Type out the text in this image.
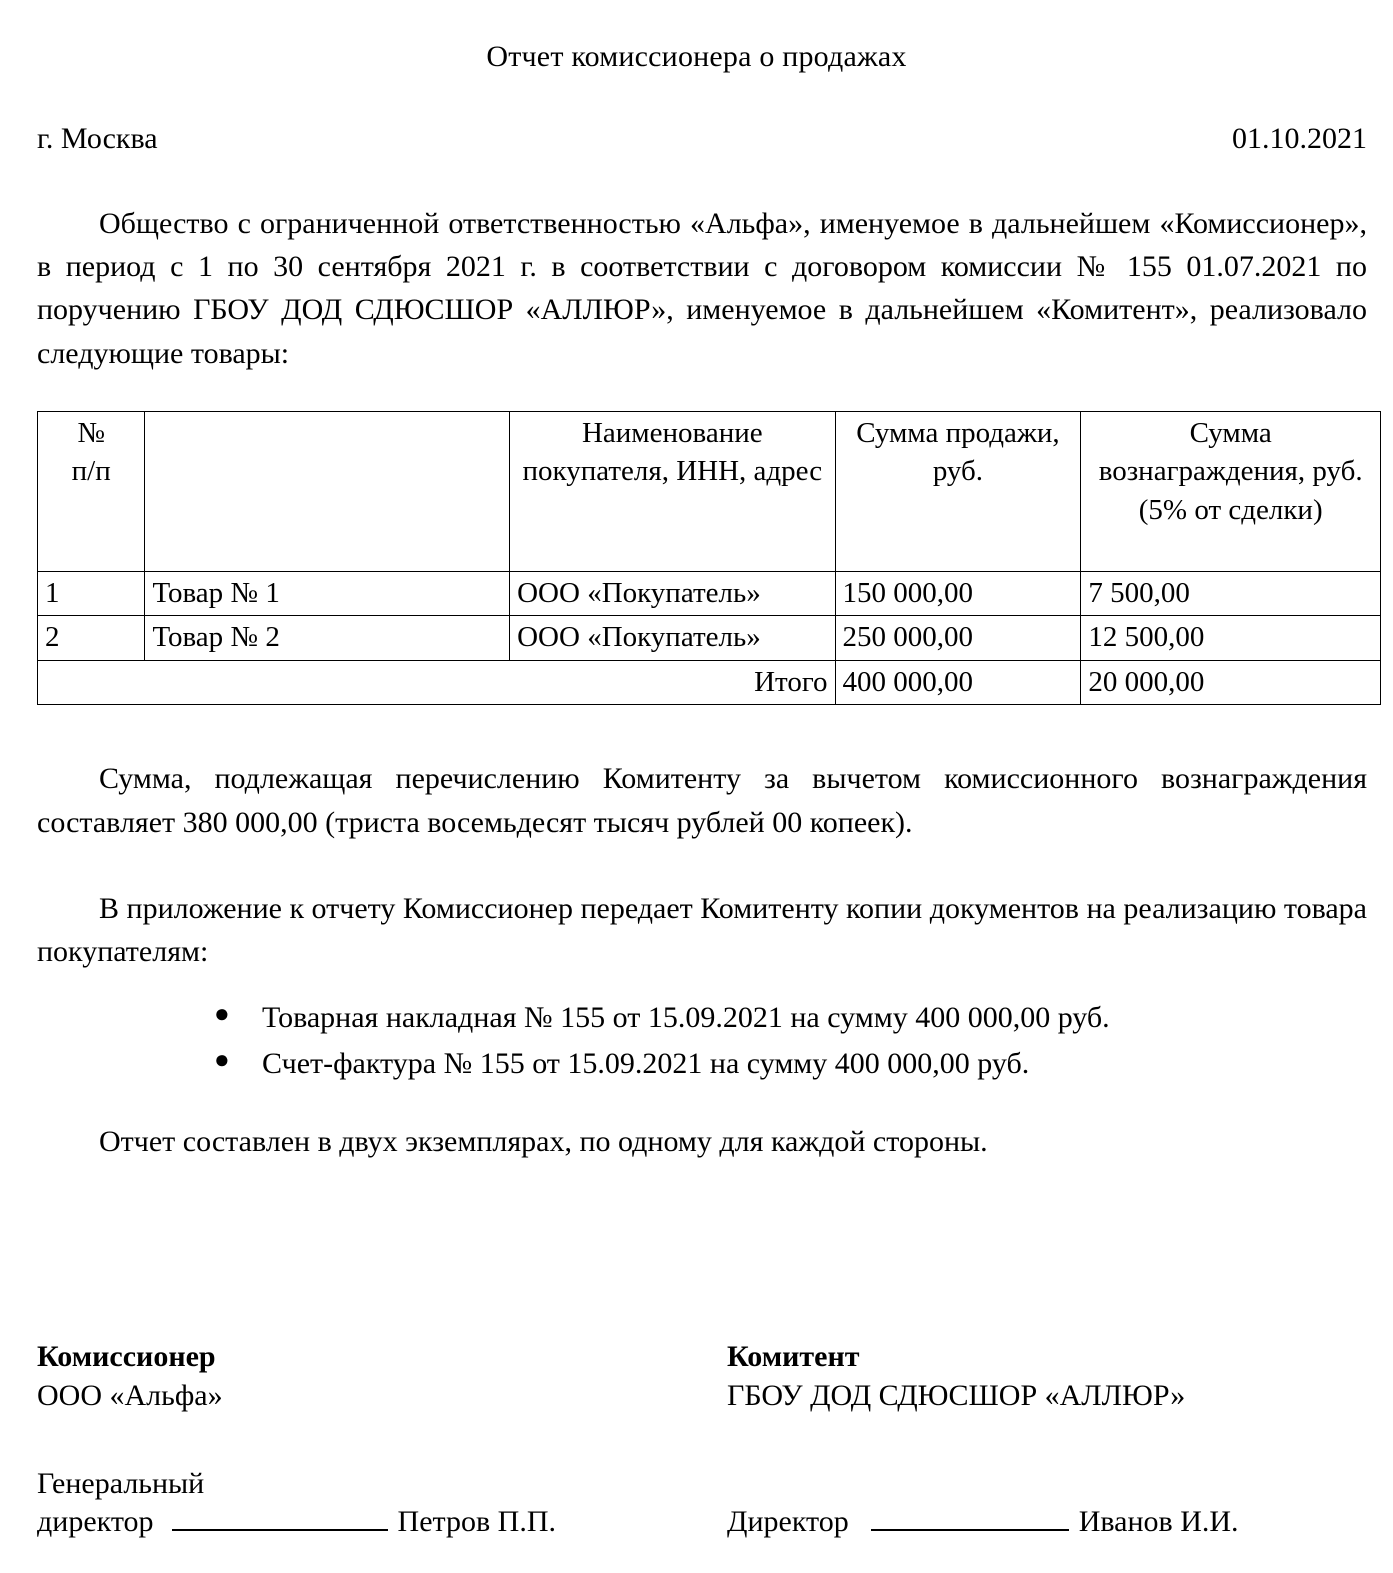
Отчет комиссионера о продажах
г. Москва	01.10.2021

Общество с ограниченной ответственностью «Альфа», именуемое в дальнейшем «Комиссионер», в период с 1 по 30 сентября 2021 г. в соответствии с договором комиссии № 155 01.07.2021 по поручению ГБОУ ДОД СДЮСШОР «АЛЛЮР», именуемое в дальнейшем «Комитент», реализовало следующие товары:

№
п/п		Наименование покупателя, ИНН, адрес	Сумма продажи, руб.	Сумма вознаграждения, руб. (5% от сделки)
1	Товар № 1	ООО «Покупатель»	150 000,00	7 500,00
2	Товар № 2	ООО «Покупатель»	250 000,00	12 500,00
Итого			400 000,00	20 000,00

Сумма, подлежащая перечислению Комитенту за вычетом комиссионного вознаграждения составляет 380 000,00 (триста восемьдесят тысяч рублей 00 копеек).

В приложение к отчету Комиссионер передает Комитенту копии документов на реализацию товара покупателям:

● Товарная накладная № 155 от 15.09.2021 на сумму 400 000,00 руб.
● Счет-фактура № 155 от 15.09.2021 на сумму 400 000,00 руб.

Отчет составлен в двух экземплярах, по одному для каждой стороны.

Комиссионер
ООО «Альфа»
Комитент
ГБОУ ДОД СДЮСШОР «АЛЛЮР»
Генеральный
директор	Петров П.П.
	Директор	Иванов И.И.
